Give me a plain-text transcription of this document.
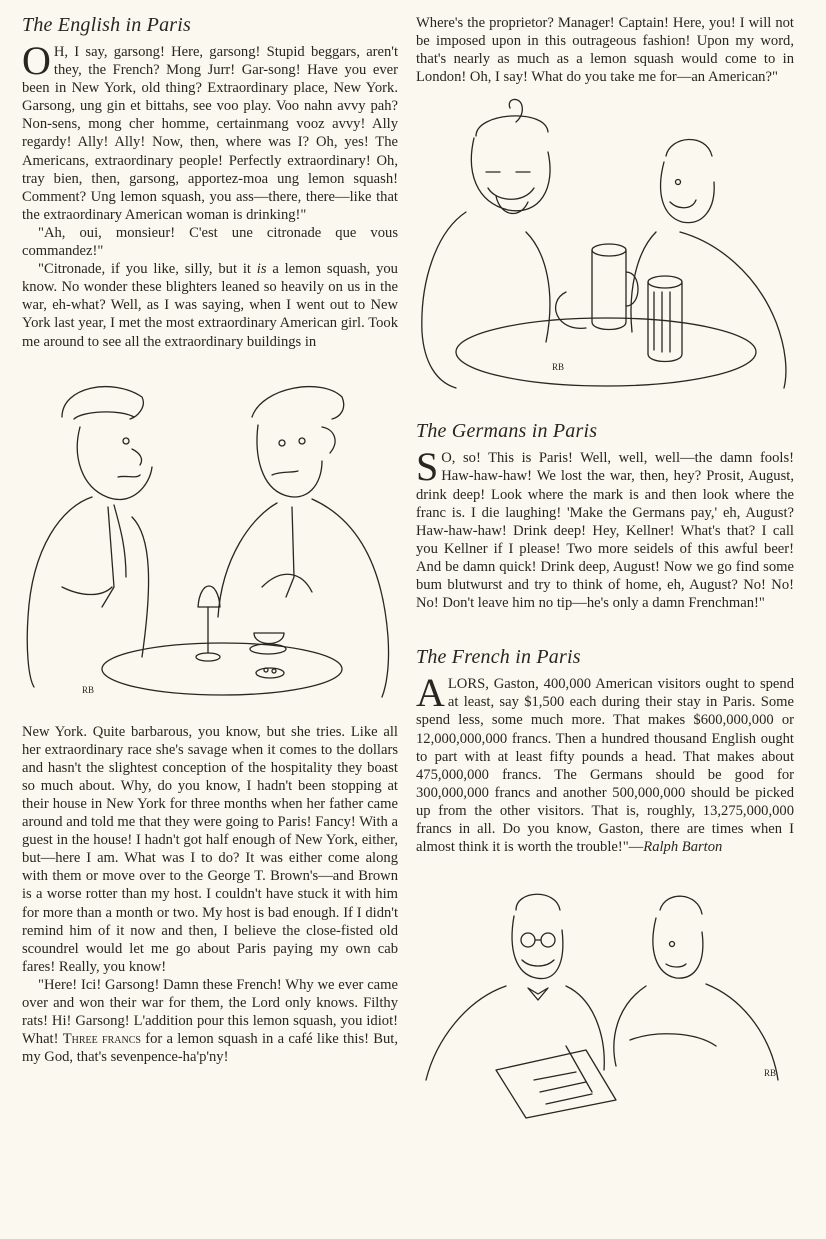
The English in Paris

O H, I say, garsong! Here, garsong! Stupid beggars, aren't they, the French? Mong Jurr! Gar-song! Have you ever been in New York, old thing? Extraordinary place, New York. Garsong, ung gin et bittahs, see voo play. Voo nahn avvy pah? Non-sens, mong cher homme, certainmang vooz avvy! Ally regardy! Ally! Ally! Now, then, where was I? Oh, yes! The Americans, extraordinary people! Perfectly extraordinary! Oh, tray bien, then, garsong, apportez-moa ung lemon squash! Comment? Ung lemon squash, you ass—there, there—like that the extraordinary American woman is drinking!"

"Ah, oui, monsieur! C'est une citronade que vous commandez!"

"Citronade, if you like, silly, but it is a lemon squash, you know. No wonder these blighters leaned so heavily on us in the war, eh-what? Well, as I was saying, when I went out to New York last year, I met the most extraordinary American girl. Took me around to see all the extraordinary buildings in

RB

New York. Quite barbarous, you know, but she tries. Like all her extraordinary race she's savage when it comes to the dollars and hasn't the slightest conception of the hospitality they boast so much about. Why, do you know, I hadn't been stopping at their house in New York for three months when her father came around and told me that they were going to Paris! Fancy! With a guest in the house! I hadn't got half enough of New York, either, but—here I am. What was I to do? It was either come along with them or move over to the George T. Brown's—and Brown is a worse rotter than my host. I couldn't have stuck it with him for more than a month or two. My host is bad enough. If I didn't remind him of it now and then, I believe the close-fisted old scoundrel would let me go about Paris paying my own cab fares! Really, you know!

"Here! Ici! Garsong! Damn these French! Why we ever came over and won their war for them, the Lord only knows. Filthy rats! Hi! Garsong! L'addition pour this lemon squash, you idiot! What! Three francs for a lemon squash in a café like this! But, my God, that's sevenpence-ha'p'ny!

Where's the proprietor? Manager! Captain! Here, you! I will not be imposed upon in this outrageous fashion! Upon my word, that's nearly as much as a lemon squash would come to in London! Oh, I say! What do you take me for—an American?"

RB
The Germans in Paris

S O, so! This is Paris! Well, well, well—the damn fools! Haw-haw-haw! We lost the war, then, hey? Prosit, August, drink deep! Look where the mark is and then look where the franc is. I die laughing! 'Make the Germans pay,' eh, August? Haw-haw-haw! Drink deep! Hey, Kellner! What's that? I call you Kellner if I please! Two more seidels of this awful beer! And be damn quick! Drink deep, August! Now we go find some bum blutwurst and try to think of home, eh, August? No! No! No! Don't leave him no tip—he's only a damn Frenchman!"

The French in Paris

ALORS, Gaston, 400,000 American visitors ought to spend at least, say $1,500 each during their stay in Paris. Some spend less, some much more. That makes $600,000,000 or 12,000,000,000 francs. Then a hundred thousand English ought to part with at least fifty pounds a head. That makes about 475,000,000 francs. The Germans should be good for 300,000,000 francs and another 500,000,000 should be picked up from the other visitors. That is, roughly, 13,275,000,000 francs in all. Do you know, Gaston, there are times when I almost think it is worth the trouble!"—Ralph Barton

RB
